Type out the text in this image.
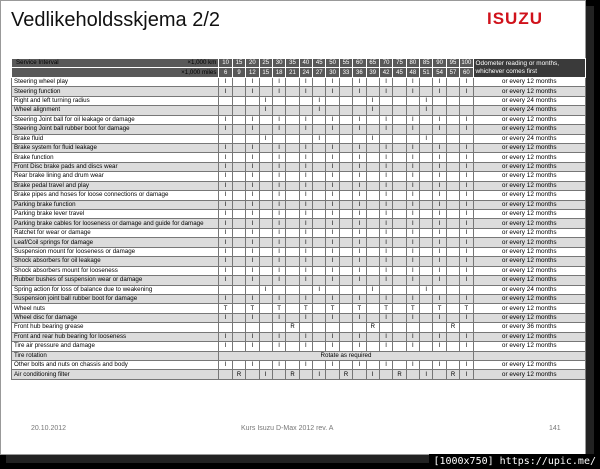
Vedlikeholdsskjema 2/2	ISUZU
Service Interval ×1,000 km	10	15	20	25	30	35	40	45	50	55	60	65	70	75	80	85	90	95	100	Odometer reading or months,
whichever comes first

×1,000 miles	6	9	12	15	18	21	24	27	30	33	36	39	42	45	48	51	54	57	60	
Steering wheel play	I		I		I		I		I		I		I		I		I		I	or every 12 months
Steering function	I		I		I		I		I		I		I		I		I		I	or every 12 months
Right and left turning radius				I				I				I				I				or every 24 months
Wheel alignment				I				I				I				I				or every 24 months
Steering Joint ball for oil leakage or damage	I		I		I		I		I		I		I		I		I		I	or every 12 months
Steering Joint ball rubber boot for damage	I		I		I		I		I		I		I		I		I		I	or every 12 months
Brake fluid				I				I				I				I				or every 24 months
Brake system for fluid leakage	I		I		I		I		I		I		I		I		I		I	or every 12 months
Brake function	I		I		I		I		I		I		I		I		I		I	or every 12 months
Front Disc brake pads and discs wear	I		I		I		I		I		I		I		I		I		I	or every 12 months
Rear brake lining and drum wear	I		I		I		I		I		I		I		I		I		I	or every 12 months
Brake pedal travel and play	I		I		I		I		I		I		I		I		I		I	or every 12 months
Brake pipes and hoses for loose connections or damage	I		I		I		I		I		I		I		I		I		I	or every 12 months
Parking brake function	I		I		I		I		I		I		I		I		I		I	or every 12 months
Parking brake lever travel	I		I		I		I		I		I		I		I		I		I	or every 12 months
Parking brake cables for looseness or damage and guide for damage	I		I		I		I		I		I		I		I		I		I	or every 12 months
Ratchet for wear or damage	I		I		I		I		I		I		I		I		I		I	or every 12 months
Leaf/Coil springs for damage	I		I		I		I		I		I		I		I		I		I	or every 12 months
Suspension mount for looseness or damage	I		I		I		I		I		I		I		I		I		I	or every 12 months
Shock absorbers for oil leakage	I		I		I		I		I		I		I		I		I		I	or every 12 months
Shock absorbers mount for looseness	I		I		I		I		I		I		I		I		I		I	or every 12 months
Rubber bushes of suspension wear or damage	I		I		I		I		I		I		I		I		I		I	or every 12 months
Spring action for loss of balance due to weakening				I				I				I				I				or every 24 months
Suspension joint ball rubber boot for damage	I		I		I		I		I		I		I		I		I		I	or every 12 months
Wheel nuts	T		T		T		T		T		T		T		T		T		T	or every 12 months
Wheel disc for damage	I		I		I		I		I		I		I		I		I		I	or every 12 months
Front hub bearing grease						R						R						R		or every 36 months
Front and rear hub bearing for looseness	I		I		I		I		I		I		I		I		I		I	or every 12 months
Tire air pressure and damage	I		I		I		I		I		I		I		I		I		I	or every 12 months
Tire rotation	Rotate as required																			
Other bolts and nuts on chassis and body	I		I		I		I		I		I		I		I		I		I	or every 12 months
Air conditioning filter		R		I		R		I		R		I		R		I		R	I	or every 12 months
20.10.2012	Kurs Isuzu D-Max 2012 rev. A	141
[1000x750] https://upic.me/
